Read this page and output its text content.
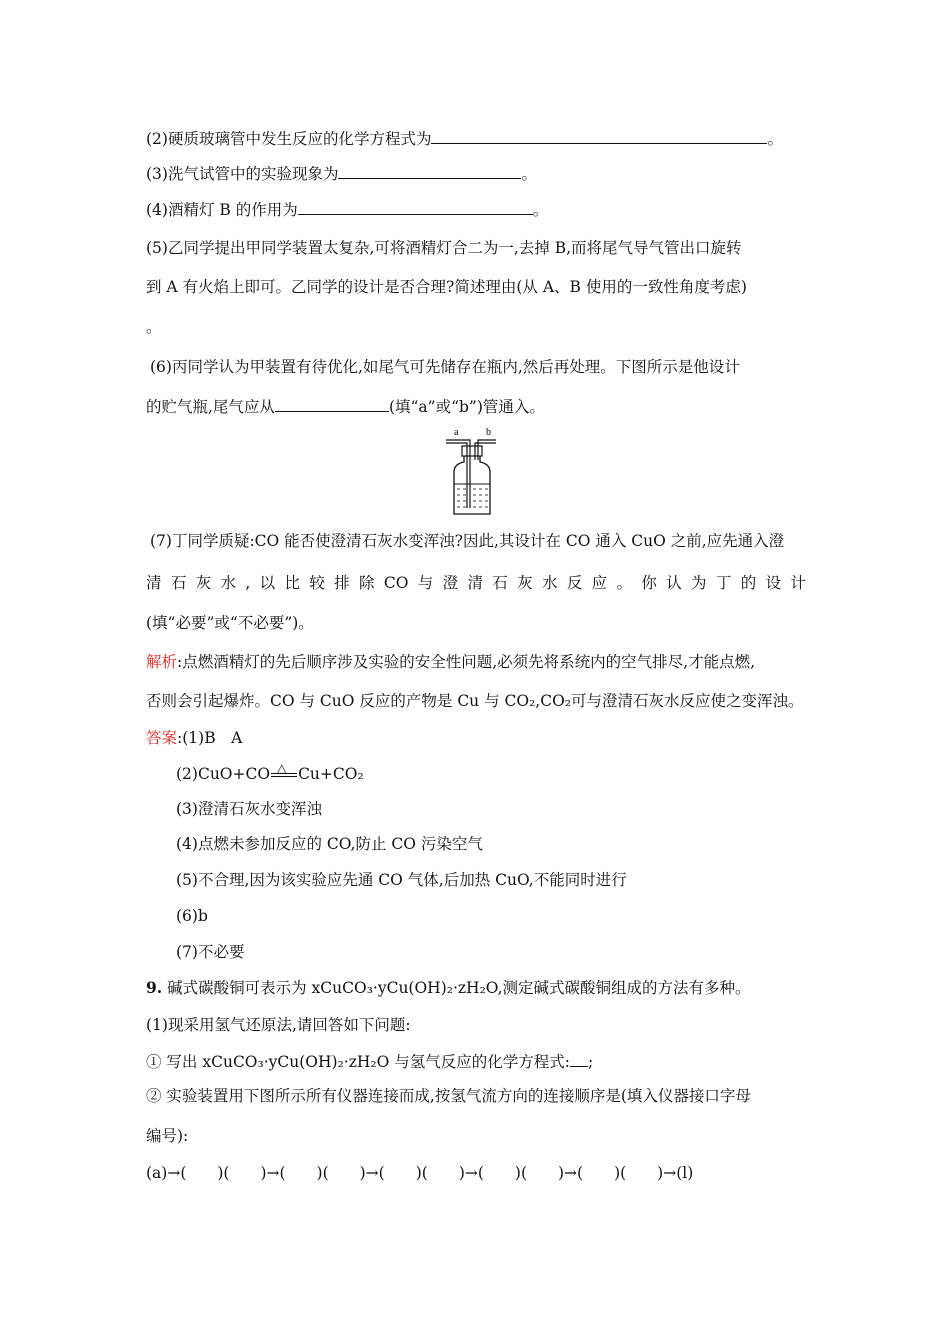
(2)硬质玻璃管中发生反应的化学方程式为	。
(3)洗气试管中的实验现象为	。
(4)酒精灯 B 的作用为	。
(5)乙同学提出甲同学装置太复杂,可将酒精灯合二为一,去掉 B,而将尾气导气管出口旋转
到 A 有火焰上即可。乙同学的设计是否合理?简述理由(从 A、B 使用的一致性角度考虑)
。
(6)丙同学认为甲装置有待优化,如尾气可先储存在瓶内,然后再处理。下图所示是他设计
的贮气瓶,尾气应从	(填“a”或“b”)管通入。
a	b
(7)丁同学质疑:CO 能否使澄清石灰水变浑浊?因此,其设计在 CO 通入 CuO 之前,应先通入澄
清 石 灰 水 , 以 比 较 排 除 CO 与 澄 清 石 灰 水 反 应 。 你 认 为 丁 的 设 计
(填“必要”或“不必要”)。
解析:点燃酒精灯的先后顺序涉及实验的安全性问题,必须先将系统内的空气排尽,才能点燃,
否则会引起爆炸。CO 与 CuO 反应的产物是 Cu 与 CO₂,CO₂可与澄清石灰水反应使之变浑浊。
答案:(1)B　A
(2)CuO+CO △ Cu+CO₂
(3)澄清石灰水变浑浊
(4)点燃未参加反应的 CO,防止 CO 污染空气
(5)不合理,因为该实验应先通 CO 气体,后加热 CuO,不能同时进行
(6)b
(7)不必要
9. 碱式碳酸铜可表示为 xCuCO₃·yCu(OH)₂·zH₂O,测定碱式碳酸铜组成的方法有多种。
(1)现采用氢气还原法,请回答如下问题:
① 写出 xCuCO₃·yCu(OH)₂·zH₂O 与氢气反应的化学方程式: ;
② 实验装置用下图所示所有仪器连接而成,按氢气流方向的连接顺序是(填入仪器接口字母
编号):
(a)→(　　)(　　)→(　　)(　　)→(　　)(　　)→(　　)(　　)→(　　)(　　)→(l)
